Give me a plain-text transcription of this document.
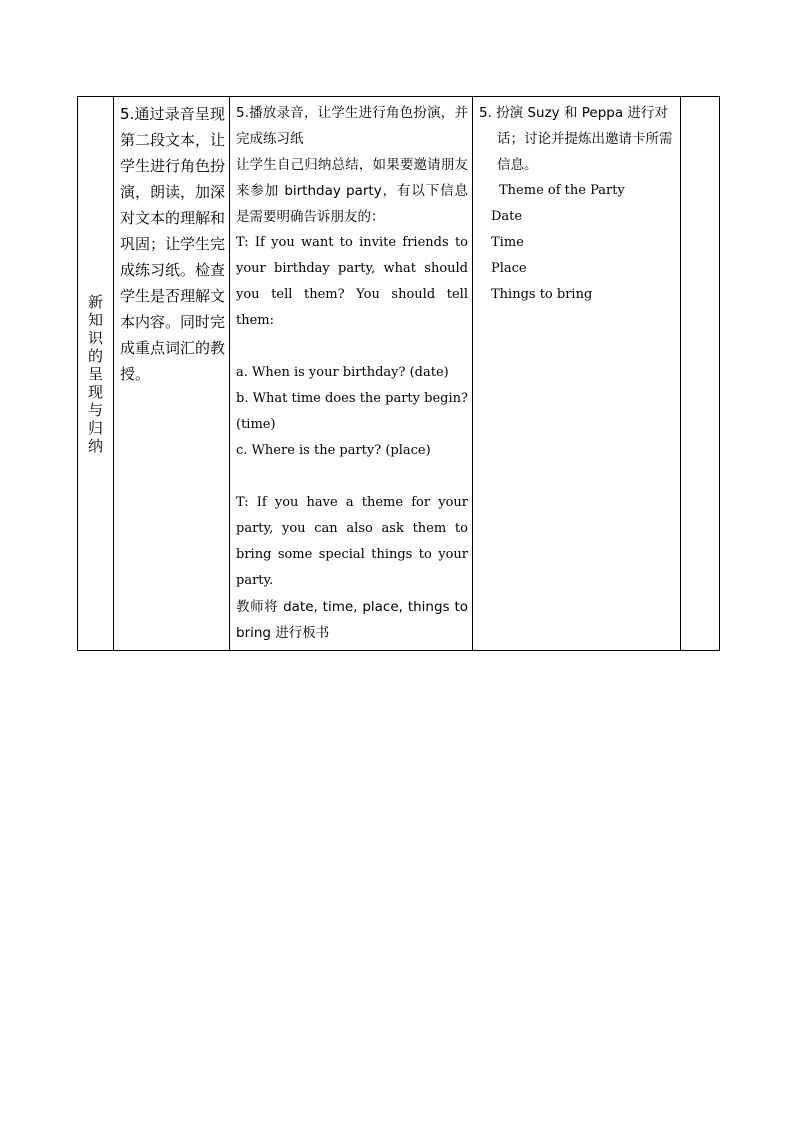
新知识的呈现与归纳

5.通过录音呈现第二段文本，让学生进行角色扮演，朗读，加深对文本的理解和巩固；让学生完成练习纸。检查学生是否理解文本内容。同时完成重点词汇的教授。

5.播放录音，让学生进行角色扮演，并完成练习纸
让学生自己归纳总结，如果要邀请朋友来参加 birthday party，有以下信息是需要明确告诉朋友的：
T: If you want to invite friends to your birthday party, what should you tell them? You should tell them:
a. When is your birthday? (date)
b. What time does the party begin?(time)
c. Where is the party? (place)
T: If you have a theme for your party, you can also ask them to bring some special things to your party.
教师将 date, time, place, things to bring 进行板书

5. 扮演 Suzy 和 Peppa 进行对话；讨论并提炼出邀请卡所需信息。
Theme of the Party
Date
Time
Place
Things to bring
